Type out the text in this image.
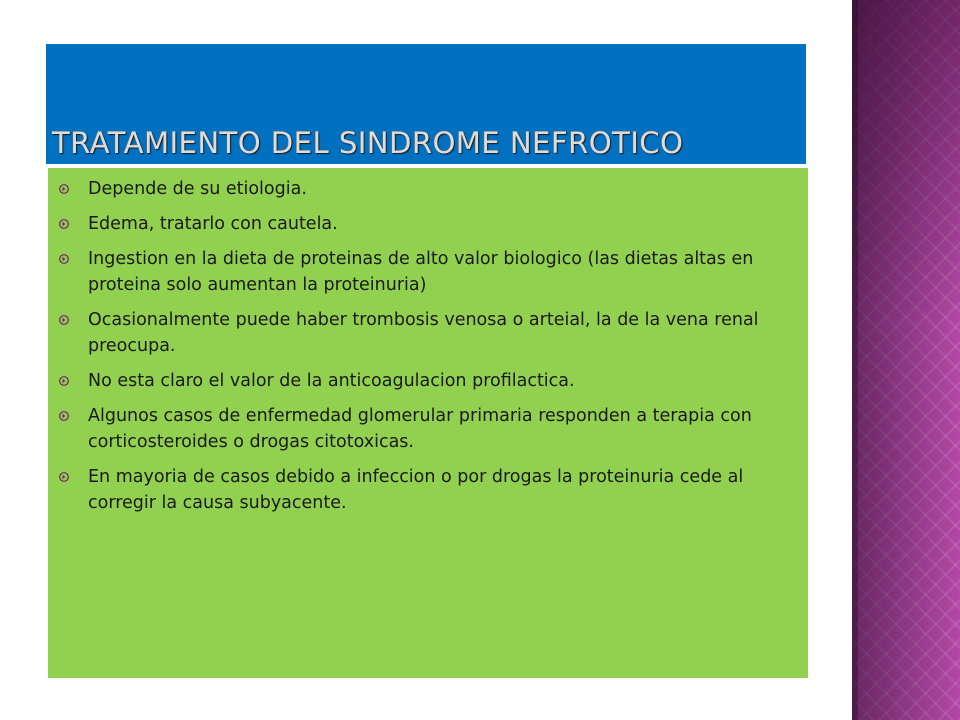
TRATAMIENTO DEL SINDROME NEFROTICO
Depende de su etiologia.
Edema, tratarlo con cautela.
Ingestion en la dieta de proteinas de alto valor biologico (las dietas altas en proteina solo aumentan la proteinuria)
Ocasionalmente puede haber trombosis venosa o arteial, la de la vena renal preocupa.
No esta claro el valor de la anticoagulacion profilactica.
Algunos casos de enfermedad glomerular primaria responden a terapia con corticosteroides o drogas citotoxicas.
En mayoria de casos debido a infeccion o por drogas la proteinuria cede al corregir la causa subyacente.
